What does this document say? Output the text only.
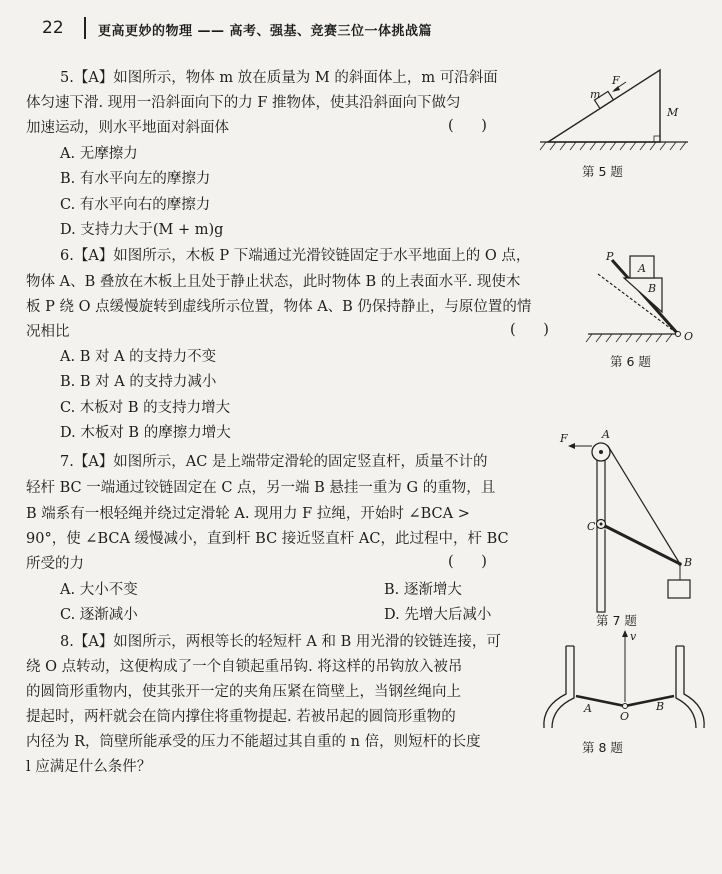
22	更高更妙的物理 —— 高考、强基、竞赛三位一体挑战篇
5.【A】如图所示，物体 m 放在质量为 M 的斜面体上，m 可沿斜面
体匀速下滑. 现用一沿斜面向下的力 F 推物体，使其沿斜面向下做匀
加速运动，则水平地面对斜面体	(      )
A. 无摩擦力
B. 有水平向左的摩擦力
C. 有水平向右的摩擦力
D. 支持力大于(M + m)g
m
F
M
第 5 题
6.【A】如图所示，木板 P 下端通过光滑铰链固定于水平地面上的 O 点，
物体 A、B 叠放在木板上且处于静止状态，此时物体 B 的上表面水平. 现使木
板 P 绕 O 点缓慢旋转到虚线所示位置，物体 A、B 仍保持静止，与原位置的情
况相比	(      )
A. B 对 A 的支持力不变
B. B 对 A 的支持力减小
C. 木板对 B 的支持力增大
D. 木板对 B 的摩擦力增大
P
A
B
O
第 6 题
7.【A】如图所示，AC 是上端带定滑轮的固定竖直杆，质量不计的
轻杆 BC 一端通过铰链固定在 C 点，另一端 B 悬挂一重为 G 的重物，且
B 端系有一根轻绳并绕过定滑轮 A. 现用力 F 拉绳，开始时 ∠BCA >
90°，使 ∠BCA 缓慢减小，直到杆 BC 接近竖直杆 AC，此过程中，杆 BC
所受的力	(      )
A. 大小不变	B. 逐渐增大
C. 逐渐减小	D. 先增大后减小
F	A
C
B
第 7 题
8.【A】如图所示，两根等长的轻短杆 A 和 B 用光滑的铰链连接，可
绕 O 点转动，这便构成了一个自锁起重吊钩. 将这样的吊钩放入被吊
的圆筒形重物内，使其张开一定的夹角压紧在筒壁上，当钢丝绳向上
提起时，两杆就会在筒内撑住将重物提起. 若被吊起的圆筒形重物的
内径为 R，筒壁所能承受的压力不能超过其自重的 n 倍，则短杆的长度
l 应满足什么条件？
v
A
O
B
第 8 题
